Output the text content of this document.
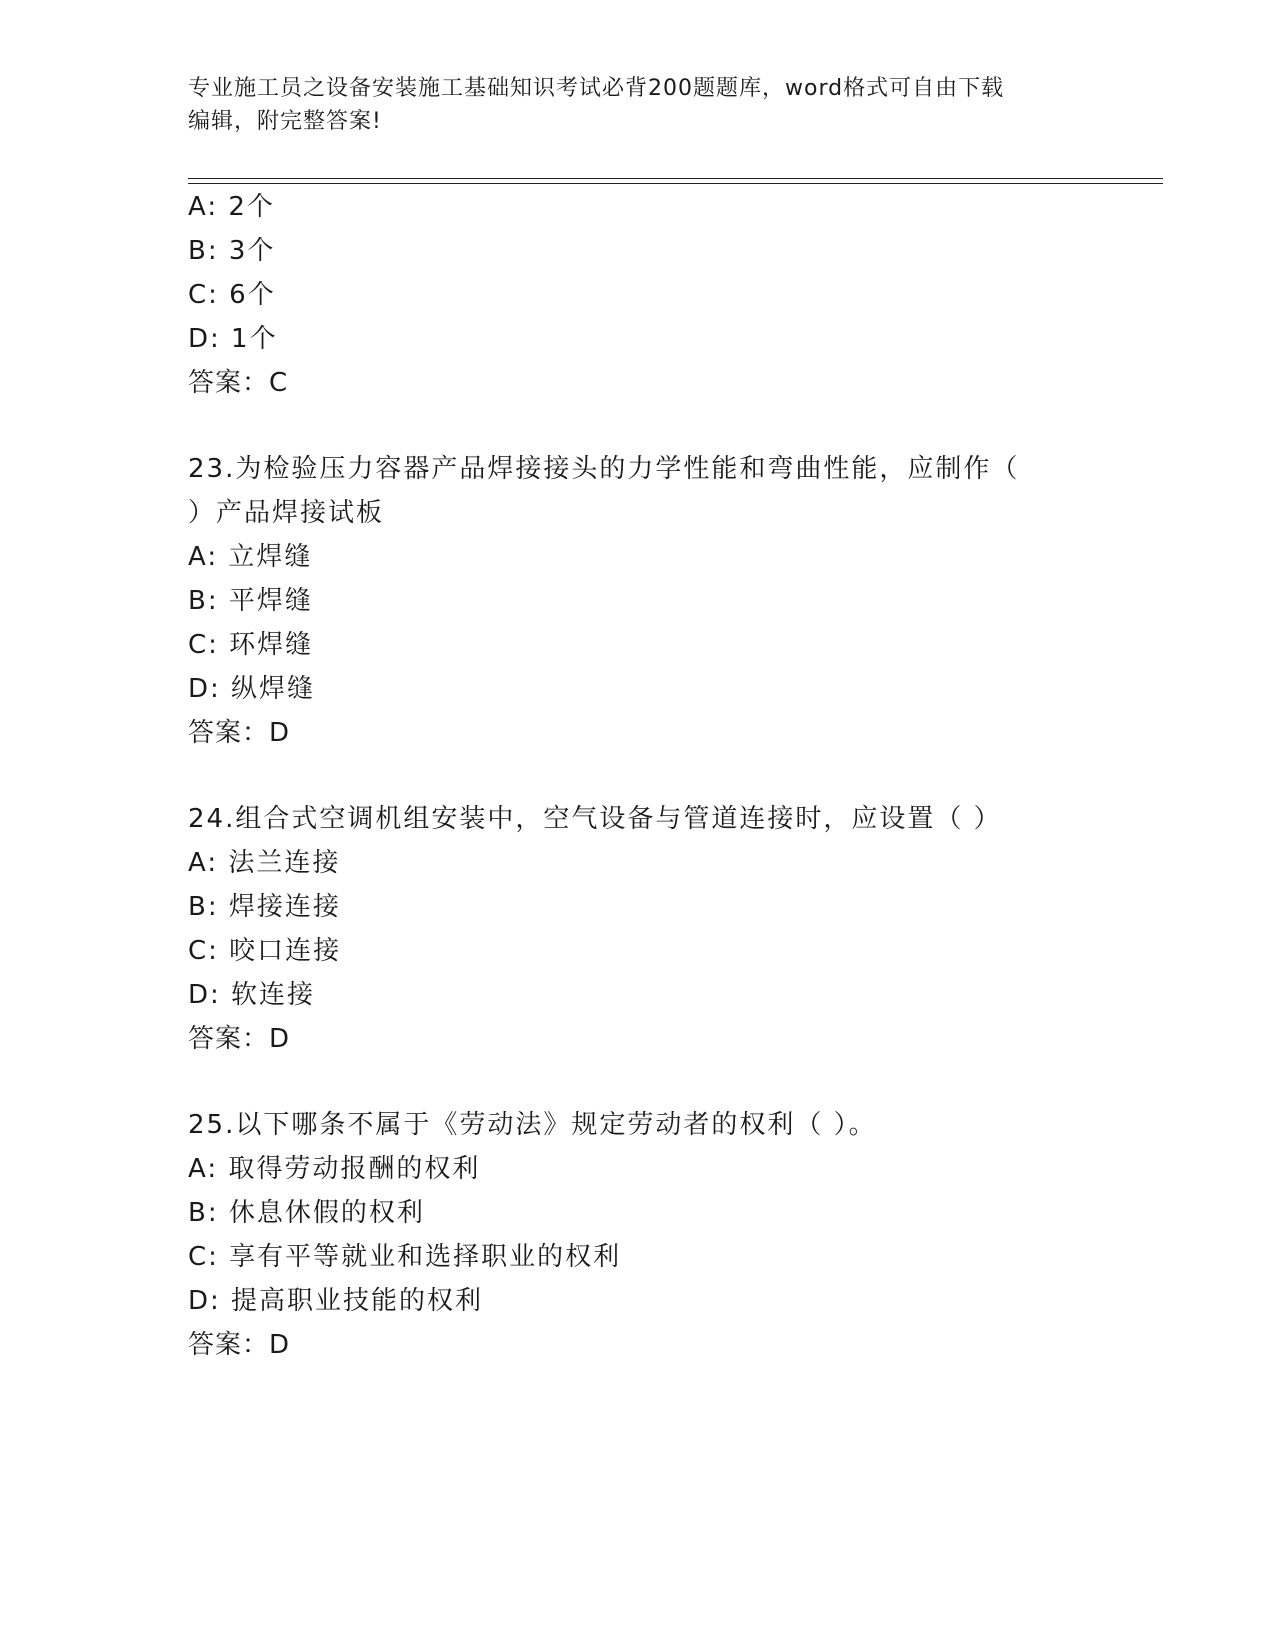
专业施工员之设备安装施工基础知识考试必背200题题库，word格式可自由下载
编辑，附完整答案!
A: 2个
B: 3个
C: 6个
D: 1个
答案：C
23.为检验压力容器产品焊接接头的力学性能和弯曲性能，应制作（
）产品焊接试板
A: 立焊缝
B: 平焊缝
C: 环焊缝
D: 纵焊缝
答案：D
24.组合式空调机组安装中，空气设备与管道连接时，应设置（ ）
A: 法兰连接
B: 焊接连接
C: 咬口连接
D: 软连接
答案：D
25.以下哪条不属于《劳动法》规定劳动者的权利（ ）。
A: 取得劳动报酬的权利
B: 休息休假的权利
C: 享有平等就业和选择职业的权利
D: 提高职业技能的权利
答案：D
